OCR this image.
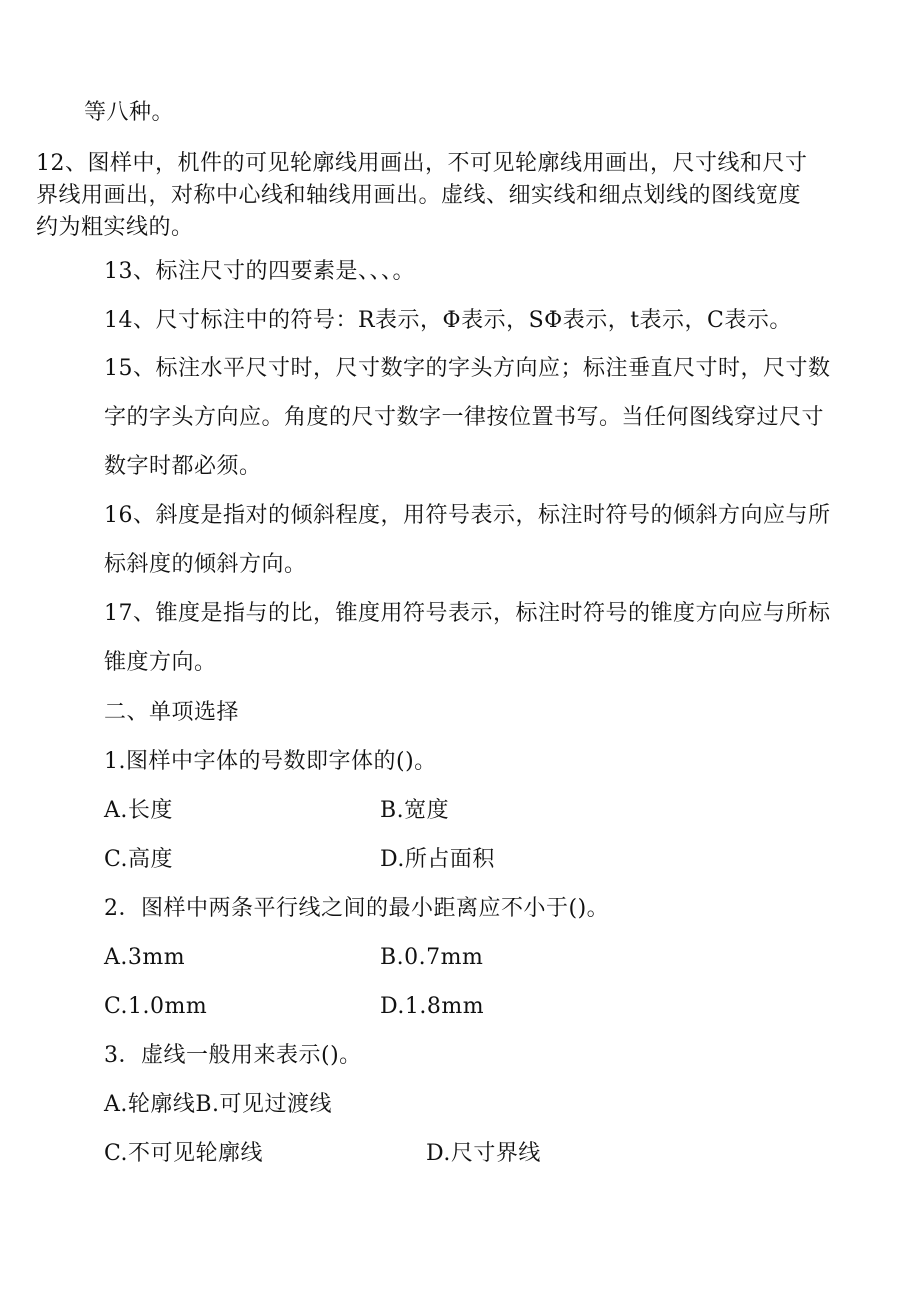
等八种。
12、图样中，机件的可见轮廓线用画出，不可见轮廓线用画出，尺寸线和尺寸
界线用画出，对称中心线和轴线用画出。虚线、细实线和细点划线的图线宽度
约为粗实线的。
13、标注尺寸的四要素是、、、。
14、尺寸标注中的符号：R表示，Φ表示，SΦ表示，t表示，C表示。
15、标注水平尺寸时，尺寸数字的字头方向应；标注垂直尺寸时，尺寸数
字的字头方向应。角度的尺寸数字一律按位置书写。当任何图线穿过尺寸
数字时都必须。
16、斜度是指对的倾斜程度，用符号表示，标注时符号的倾斜方向应与所
标斜度的倾斜方向。
17、锥度是指与的比，锥度用符号表示，标注时符号的锥度方向应与所标
锥度方向。
二、单项选择
1.图样中字体的号数即字体的()。
A.长度	B.宽度
C.高度	D.所占面积
2．图样中两条平行线之间的最小距离应不小于()。
A.3mm	B.0.7mm
C.1.0mm	D.1.8mm
3．虚线一般用来表示()。
A.轮廓线B.可见过渡线
C.不可见轮廓线	D.尺寸界线
